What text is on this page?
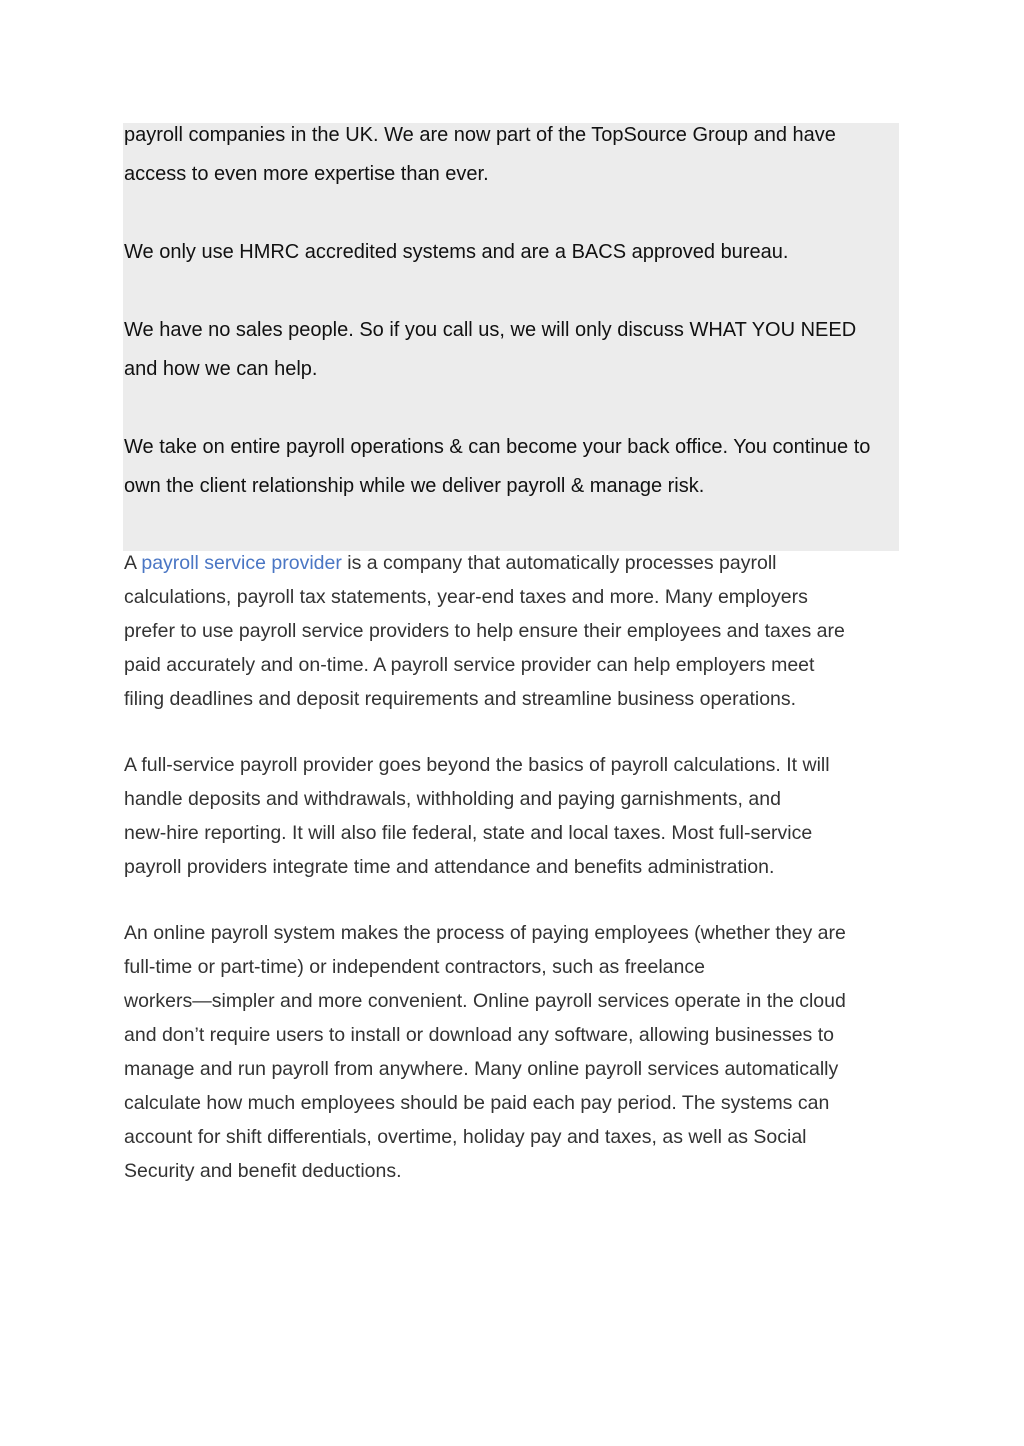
payroll companies in the UK. We are now part of the TopSource Group and have
access to even more expertise than ever.

We only use HMRC accredited systems and are a BACS approved bureau.

We have no sales people. So if you call us, we will only discuss WHAT YOU NEED
and how we can help.

We take on entire payroll operations & can become your back office. You continue to
own the client relationship while we deliver payroll & manage risk.

A payroll service provider is a company that automatically processes payroll
calculations, payroll tax statements, year-end taxes and more. Many employers
prefer to use payroll service providers to help ensure their employees and taxes are
paid accurately and on-time. A payroll service provider can help employers meet
filing deadlines and deposit requirements and streamline business operations.

A full-service payroll provider goes beyond the basics of payroll calculations. It will
handle deposits and withdrawals, withholding and paying garnishments, and
new-hire reporting. It will also file federal, state and local taxes. Most full-service
payroll providers integrate time and attendance and benefits administration.

An online payroll system makes the process of paying employees (whether they are
full-time or part-time) or independent contractors, such as freelance
workers—simpler and more convenient. Online payroll services operate in the cloud
and don’t require users to install or download any software, allowing businesses to
manage and run payroll from anywhere. Many online payroll services automatically
calculate how much employees should be paid each pay period. The systems can
account for shift differentials, overtime, holiday pay and taxes, as well as Social
Security and benefit deductions.
